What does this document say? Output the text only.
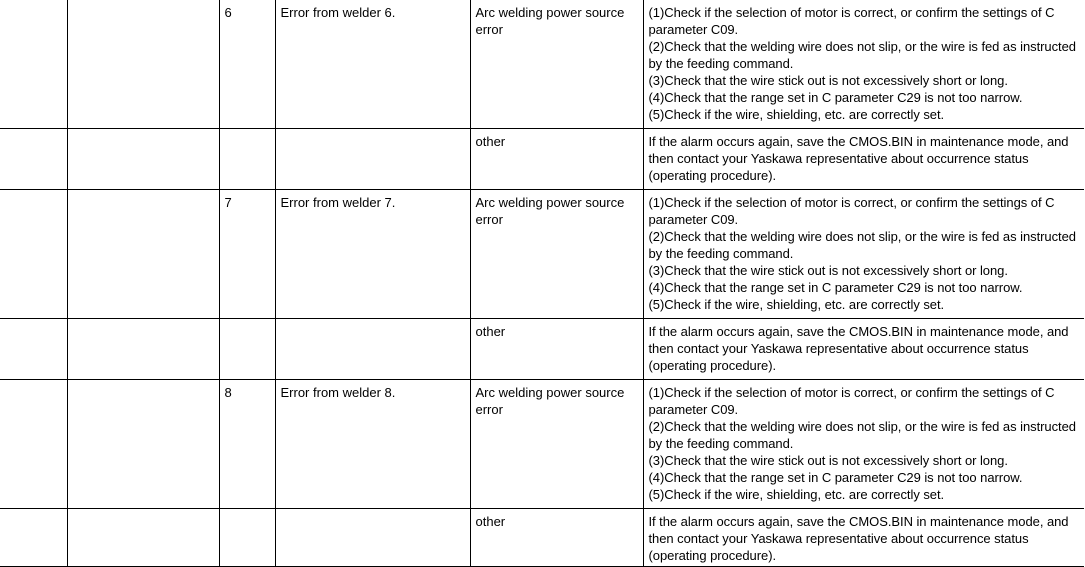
		6	Error from welder 6.	Arc welding power source error	(1)Check if the selection of motor is correct, or confirm the settings of C parameter C09.
(2)Check that the welding wire does not slip, or the wire is fed as instructed by the feeding command.
(3)Check that the wire stick out is not excessively short or long.
(4)Check that the range set in C parameter C29 is not too narrow.
(5)Check if the wire, shielding, etc. are correctly set.

				other	If the alarm occurs again, save the CMOS.BIN in maintenance mode, and then contact your Yaskawa representative about occurrence status (operating procedure).

		7	Error from welder 7.	Arc welding power source error	(1)Check if the selection of motor is correct, or confirm the settings of C parameter C09.
(2)Check that the welding wire does not slip, or the wire is fed as instructed by the feeding command.
(3)Check that the wire stick out is not excessively short or long.
(4)Check that the range set in C parameter C29 is not too narrow.
(5)Check if the wire, shielding, etc. are correctly set.

				other	If the alarm occurs again, save the CMOS.BIN in maintenance mode, and then contact your Yaskawa representative about occurrence status (operating procedure).

		8	Error from welder 8.	Arc welding power source error	(1)Check if the selection of motor is correct, or confirm the settings of C parameter C09.
(2)Check that the welding wire does not slip, or the wire is fed as instructed by the feeding command.
(3)Check that the wire stick out is not excessively short or long.
(4)Check that the range set in C parameter C29 is not too narrow.
(5)Check if the wire, shielding, etc. are correctly set.

				other	If the alarm occurs again, save the CMOS.BIN in maintenance mode, and then contact your Yaskawa representative about occurrence status (operating procedure).
